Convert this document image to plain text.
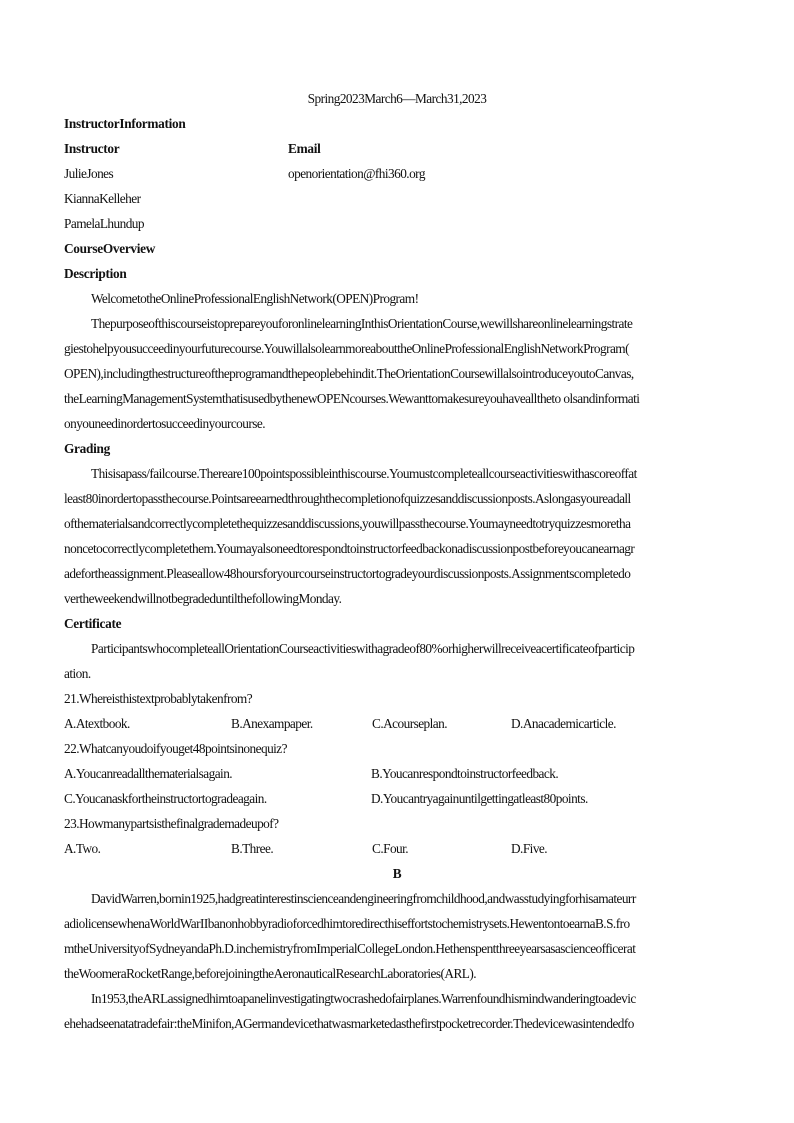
Spring2023March6—March31,2023
InstructorInformation
Instructor	Email
JulieJones	openorientation@fhi360.org
KiannaKelleher
PamelaLhundup
CourseOverview
Description
WelcometotheOnlineProfessionalEnglishNetwork(OPEN)Program!
ThepurposeofthiscourseistoprepareyouforonlinelearningInthisOrientationCourse,wewillshareonlinelearningstrate
giestohelpyousucceedinyourfuturecourse.YouwillalsolearnmoreabouttheOnlineProfessionalEnglishNetworkProgram(
OPEN),includingthestructureoftheprogramandthepeoplebehindit.TheOrientationCoursewillalsointroduceyoutoCanvas,
theLearningManagementSystemthatisusedbythenewOPENcourses.Wewanttomakesureyouhavealltheto olsandinformati
onyouneedinordertosucceedinyourcourse.
Grading
Thisisapass/failcourse.Thereare100pointspossibleinthiscourse.Youmustcompleteallcourseactivitieswithascoreoffat
least80inordertopassthecourse.Pointsareearnedthroughthecompletionofquizzesanddiscussionposts.Aslongasyoureadall
ofthematerialsandcorrectlycompletethequizzesanddiscussions,youwillpassthecourse.Youmayneedtotryquizzesmoretha
noncetocorrectlycompletethem.Youmayalsoneedtorespondtoinstructorfeedbackonadiscussionpostbeforeyoucanearnagr
adefortheassignment.Pleaseallow48hoursforyourcourseinstructortogradeyourdiscussionposts.Assignmentscompletedo
vertheweekendwillnotbegradeduntilthefollowingMonday.
Certificate
ParticipantswhocompleteallOrientationCourseactivitieswithagradeof80%orhigherwillreceiveacertificateofparticip
ation.
21.Whereisthistextprobablytakenfrom?
A.Atextbook.	B.Anexampaper.	C.Acourseplan.	D.Anacademicarticle.
22.Whatcanyoudoifyouget48pointsinonequiz?
A.Youcanreadallthematerialsagain.	B.Youcanrespondtoinstructorfeedback.
C.Youcanaskfortheinstructortogradeagain.	D.Youcantryagainuntilgettingatleast80points.
23.Howmanypartsisthefinalgrademadeupof?
A.Two.	B.Three.	C.Four.	D.Five.
B
DavidWarren,bornin1925,hadgreatinterestinscienceandengineeringfromchildhood,andwasstudyingforhisamateurr
adiolicensewhenaWorldWarIIbanonhobbyradioforcedhimtoredirecthiseffortstochemistrysets.HewentontoearnaB.S.fro
mtheUniversityofSydneyandaPh.D.inchemistryfromImperialCollegeLondon.Hethenspentthreeyearsasascienceofficerat
theWoomeraRocketRange,beforejoiningtheAeronauticalResearchLaboratories(ARL).
In1953,theARLassignedhimtoapanelinvestigatingtwocrashedofairplanes.Warrenfoundhismindwanderingtoadevic
ehehadseenatatradefair:theMinifon,AGermandevicethatwasmarketedasthefirstpocketrecorder.Thedevicewasintendedfo
